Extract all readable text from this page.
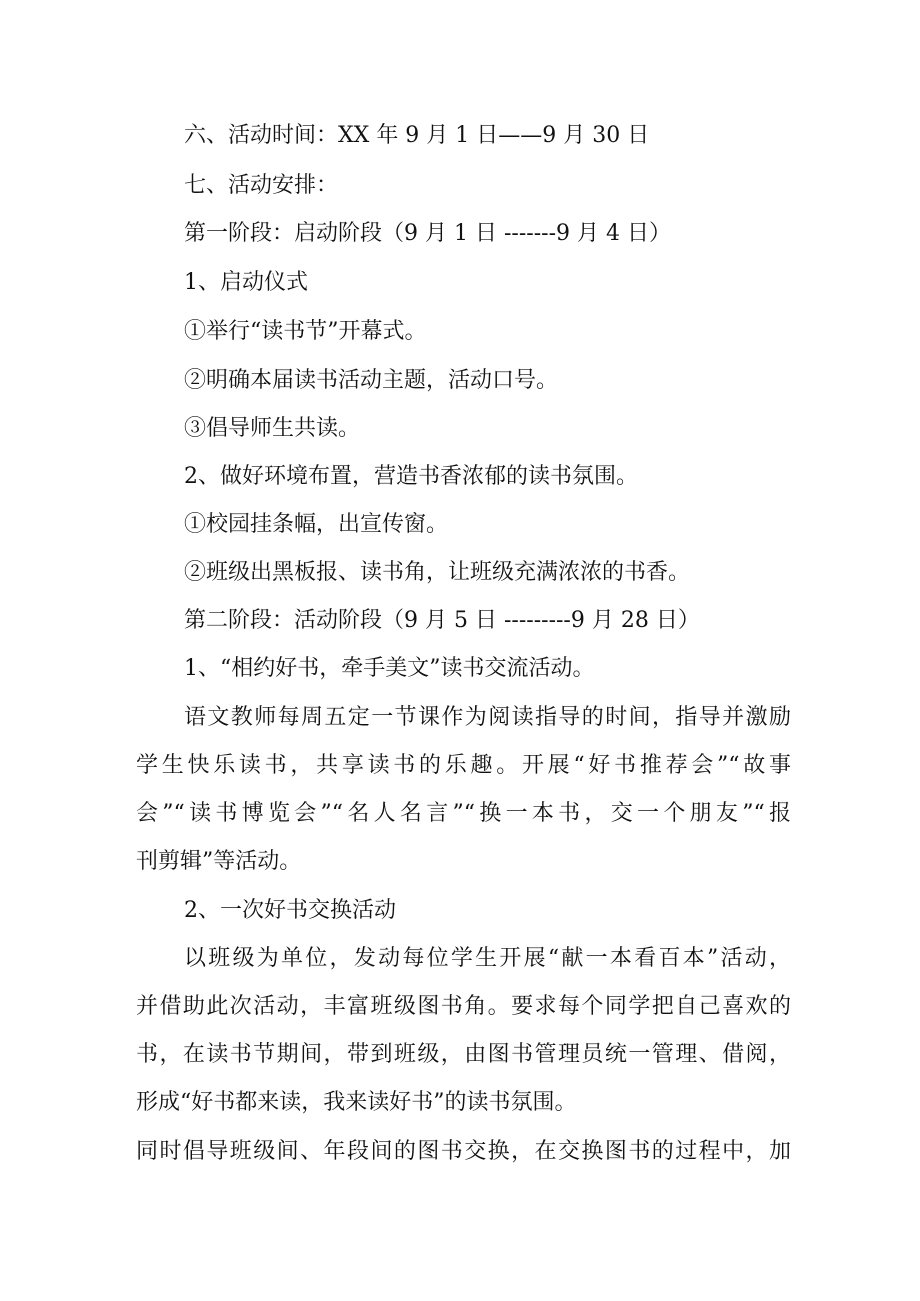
六、活动时间：XX 年 9 月 1 日——9 月 30 日
七、活动安排：
第一阶段：启动阶段（9 月 1 日 -------9 月 4 日）
1、启动仪式
①举行“读书节”开幕式。
②明确本届读书活动主题，活动口号。
③倡导师生共读。
2、做好环境布置，营造书香浓郁的读书氛围。
①校园挂条幅，出宣传窗。
②班级出黑板报、读书角，让班级充满浓浓的书香。
第二阶段：活动阶段（9 月 5 日 ---------9 月 28 日）
1、“相约好书，牵手美文”读书交流活动。
语文教师每周五定一节课作为阅读指导的时间，指导并激励
学生快乐读书，共享读书的乐趣。开展“好书推荐会”“故事
会”“读书博览会”“名人名言”“换一本书，交一个朋友”“报
刊剪辑”等活动。
2、一次好书交换活动
以班级为单位，发动每位学生开展“献一本看百本”活动，
并借助此次活动，丰富班级图书角。要求每个同学把自己喜欢的
书，在读书节期间，带到班级，由图书管理员统一管理、借阅，
形成“好书都来读，我来读好书”的读书氛围。
同时倡导班级间、年段间的图书交换，在交换图书的过程中，加
